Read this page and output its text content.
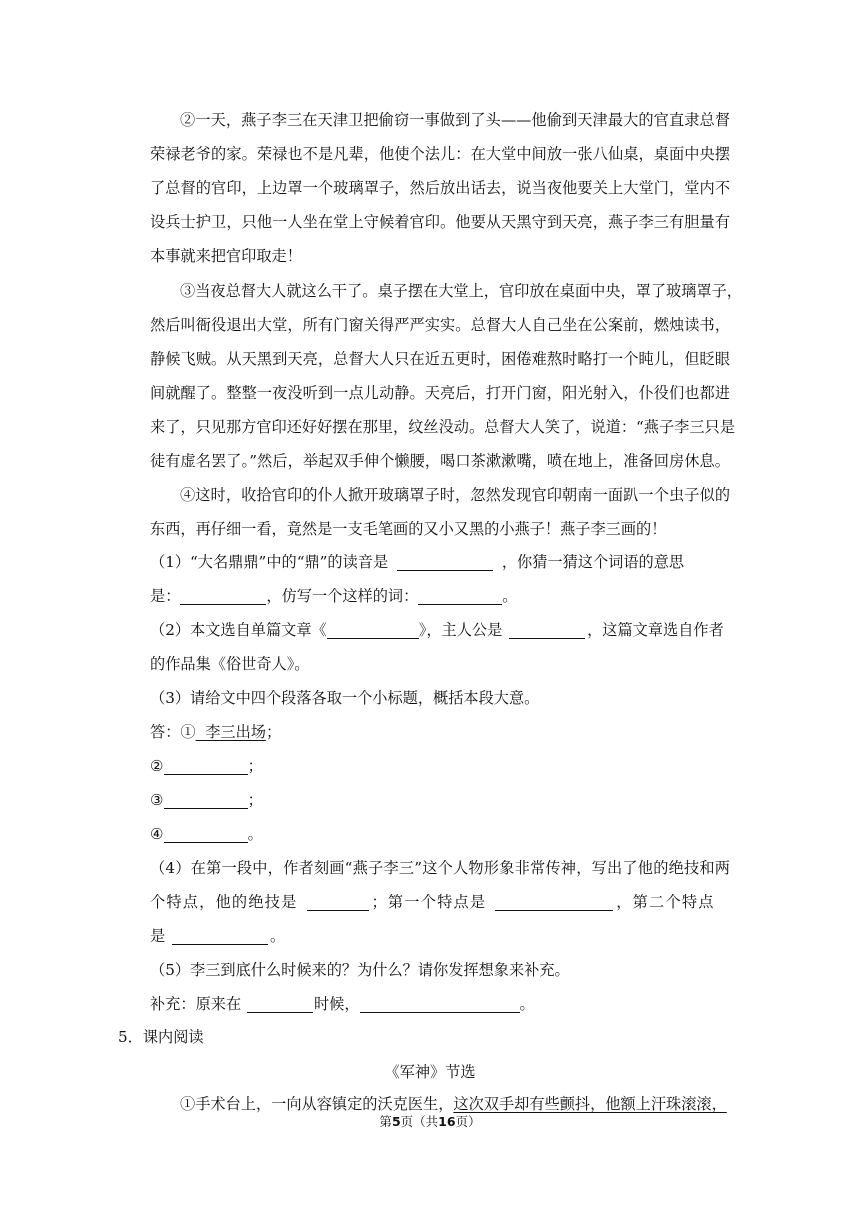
②一天，燕子李三在天津卫把偷窃一事做到了头——他偷到天津最大的官直隶总督
荣禄老爷的家。荣禄也不是凡辈，他使个法儿：在大堂中间放一张八仙桌，桌面中央摆
了总督的官印，上边罩一个玻璃罩子，然后放出话去，说当夜他要关上大堂门，堂内不
设兵士护卫，只他一人坐在堂上守候着官印。他要从天黑守到天亮，燕子李三有胆量有
本事就来把官印取走！
③当夜总督大人就这么干了。桌子摆在大堂上，官印放在桌面中央，罩了玻璃罩子，
然后叫衙役退出大堂，所有门窗关得严严实实。总督大人自己坐在公案前，燃烛读书，
静候飞贼。从天黑到天亮，总督大人只在近五更时，困倦难熬时略打一个盹儿，但眨眼
间就醒了。整整一夜没听到一点儿动静。天亮后，打开门窗，阳光射入，仆役们也都进
来了，只见那方官印还好好摆在那里，纹丝没动。总督大人笑了，说道：“燕子李三只是
徒有虚名罢了。”然后，举起双手伸个懒腰，喝口茶漱漱嘴，喷在地上，准备回房休息。
④这时，收拾官印的仆人掀开玻璃罩子时，忽然发现官印朝南一面趴一个虫子似的
东西，再仔细一看，竟然是一支毛笔画的又小又黑的小燕子！燕子李三画的！
（1）“大名鼎鼎”中的“鼎”的读音是	，你猜一猜这个词语的意思
是：	，仿写一个这样的词：	。
（2）本文选自单篇文章《	》，主人公是	，这篇文章选自作者
的作品集《俗世奇人》。
（3）请给文中四个段落各取一个小标题，概括本段大意。
答：①  李三出场；
②	；
③	；
④	。
（4）在第一段中，作者刻画“燕子李三”这个人物形象非常传神，写出了他的绝技和两
个特点，他的绝技是	；第一个特点是	，第二个特点
是	。
（5）李三到底什么时候来的？为什么？请你发挥想象来补充。
补充：原来在	时候，	。
5．课内阅读
《军神》节选
①手术台上，一向从容镇定的沃克医生，这次双手却有些颤抖，他额上汗珠滚滚，
第5页（共16页）
